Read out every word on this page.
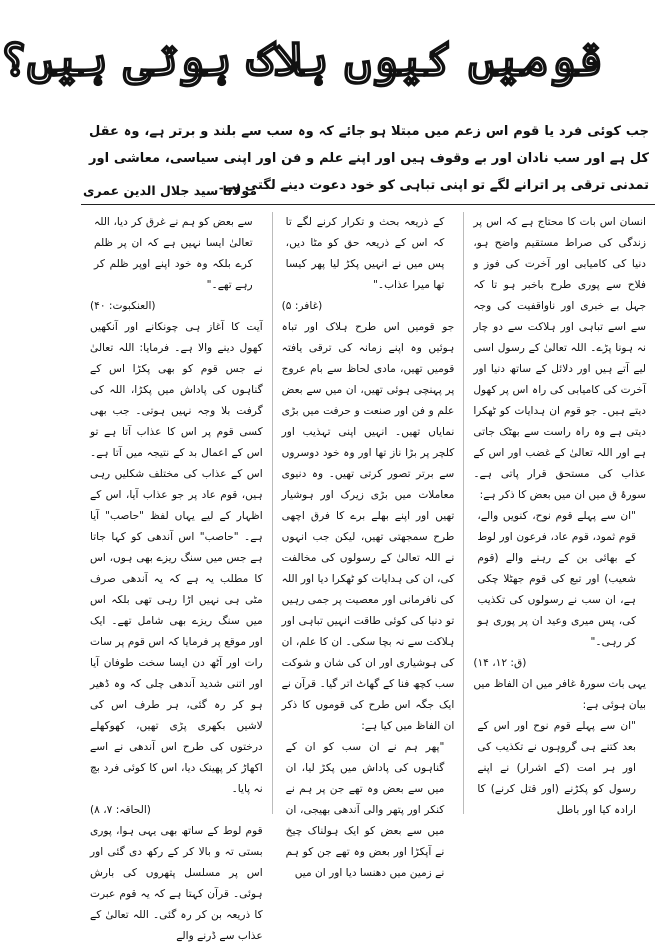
قومیں کیوں ہلاک ہوتی ہیں؟

جب کوئی فرد یا قوم اس زعم میں مبتلا ہو جائے کہ وہ سب سے بلند و برتر ہے، وہ عقل کل ہے اور سب نادان اور بے وقوف ہیں اور اپنے علم و فن اور اپنی سیاسی، معاشی اور تمدنی ترقی پر اترانے لگے تو اپنی تباہی کو خود دعوت دینے لگتی ہے۔

مولانا سید جلال الدین عمری

انسان اس بات کا محتاج ہے کہ اس پر زندگی کی صراط مستقیم واضح ہو، دنیا کی کامیابی اور آخرت کی فوز و فلاح سے پوری طرح باخبر ہو تا کہ جہل بے خبری اور ناواقفیت کی وجہ سے اسے تباہی اور ہلاکت سے دو چار نہ ہونا پڑے۔ اللہ تعالیٰ کے رسول اسی لیے آتے ہیں اور دلائل کے ساتھ دنیا اور آخرت کی کامیابی کی راہ اس پر کھول دیتے ہیں۔ جو قوم ان ہدایات کو ٹھکرا دیتی ہے وہ راہ راست سے بھٹک جاتی ہے اور اللہ تعالیٰ کے غضب اور اس کے عذاب کی مستحق قرار پاتی ہے۔ سورۂ ق میں ان میں بعض کا ذکر ہے:

"ان سے پہلے قوم نوح، کنویں والے، قوم ثمود، قوم عاد، فرعون اور لوط کے بھائی بن کے رہنے والے (قوم شعیب) اور تبع کی قوم جھٹلا چکی ہے، ان سب نے رسولوں کی تکذیب کی، پس میری وعید ان پر پوری ہو کر رہی۔"

(ق: ۱۲، ۱۴)

یہی بات سورۂ غافر میں ان الفاظ میں بیان ہوئی ہے:

"ان سے پہلے قوم نوح اور اس کے بعد کتنے ہی گروہوں نے تکذیب کی اور ہر امت (کے اشرار) نے اپنے رسول کو پکڑنے (اور قتل کرنے) کا ارادہ کیا اور باطل

کے ذریعہ بحث و تکرار کرنے لگے تا کہ اس کے ذریعہ حق کو مٹا دیں، پس میں نے انہیں پکڑ لیا پھر کیسا تھا میرا عذاب۔"

(غافر: ۵)

جو قومیں اس طرح ہلاک اور تباہ ہوئیں وہ اپنے زمانہ کی ترقی یافتہ قومیں تھیں، مادی لحاظ سے بام عروج پر پہنچی ہوئی تھیں، ان میں سے بعض علم و فن اور صنعت و حرفت میں بڑی نمایاں تھیں۔ انہیں اپنی تہذیب اور کلچر پر بڑا ناز تھا اور وہ خود دوسروں سے برتر تصور کرتی تھیں۔ وہ دنیوی معاملات میں بڑی زیرک اور ہوشیار تھیں اور اپنے بھلے برے کا فرق اچھی طرح سمجھتی تھیں، لیکن جب انہوں نے اللہ تعالیٰ کے رسولوں کی مخالفت کی، ان کی ہدایات کو ٹھکرا دیا اور اللہ کی نافرمانی اور معصیت پر جمی رہیں تو دنیا کی کوئی طاقت انہیں تباہی اور ہلاکت سے نہ بچا سکی۔ ان کا علم، ان کی ہوشیاری اور ان کی شان و شوکت سب کچھ فنا کے گھاٹ اتر گیا۔ قرآن نے ایک جگہ اس طرح کی قوموں کا ذکر ان الفاظ میں کیا ہے:

"پھر ہم نے ان سب کو ان کے گناہوں کی پاداش میں پکڑ لیا، ان میں سے بعض وہ تھے جن پر ہم نے کنکر اور پتھر والی آندھی بھیجی، ان میں سے بعض کو ایک ہولناک چیخ نے آپکڑا اور بعض وہ تھے جن کو ہم نے زمین میں دھنسا دیا اور ان میں

سے بعض کو ہم نے غرق کر دیا، اللہ تعالیٰ ایسا نہیں ہے کہ ان پر ظلم کرے بلکہ وہ خود اپنے اوپر ظلم کر رہے تھے۔"

(العنکبوت: ۴۰)

آیت کا آغاز ہی چونکانے اور آنکھیں کھول دینے والا ہے۔ فرمایا: اللہ تعالیٰ نے جس قوم کو بھی پکڑا اس کے گناہوں کی پاداش میں پکڑا، اللہ کی گرفت بلا وجہ نہیں ہوتی۔ جب بھی کسی قوم پر اس کا عذاب آتا ہے تو اس کے اعمال بد کے نتیجہ میں آتا ہے۔ اس کے عذاب کی مختلف شکلیں رہی ہیں، قوم عاد پر جو عذاب آیا، اس کے اظہار کے لیے یہاں لفظ "حاصب" آیا ہے۔ "حاصب" اس آندھی کو کہا جاتا ہے جس میں سنگ ریزے بھی ہوں، اس کا مطلب یہ ہے کہ یہ آندھی صرف مٹی ہی نہیں اڑا رہی تھی بلکہ اس میں سنگ ریزے بھی شامل تھے۔ ایک اور موقع پر فرمایا کہ اس قوم پر سات رات اور آٹھ دن ایسا سخت طوفان آیا اور اتنی شدید آندھی چلی کہ وہ ڈھیر ہو کر رہ گئی، ہر طرف اس کی لاشیں بکھری پڑی تھیں، کھوکھلے درختوں کی طرح اس آندھی نے اسے اکھاڑ کر پھینک دیا، اس کا کوئی فرد بچ نہ پایا۔

(الحاقہ: ۷، ۸)

قوم لوط کے ساتھ بھی یہی ہوا، پوری بستی تہ و بالا کر کے رکھ دی گئی اور اس پر مسلسل پتھروں کی بارش ہوئی۔ قرآن کہتا ہے کہ یہ قوم عبرت کا ذریعہ بن کر رہ گئی۔ اللہ تعالیٰ کے عذاب سے ڈرنے والے
